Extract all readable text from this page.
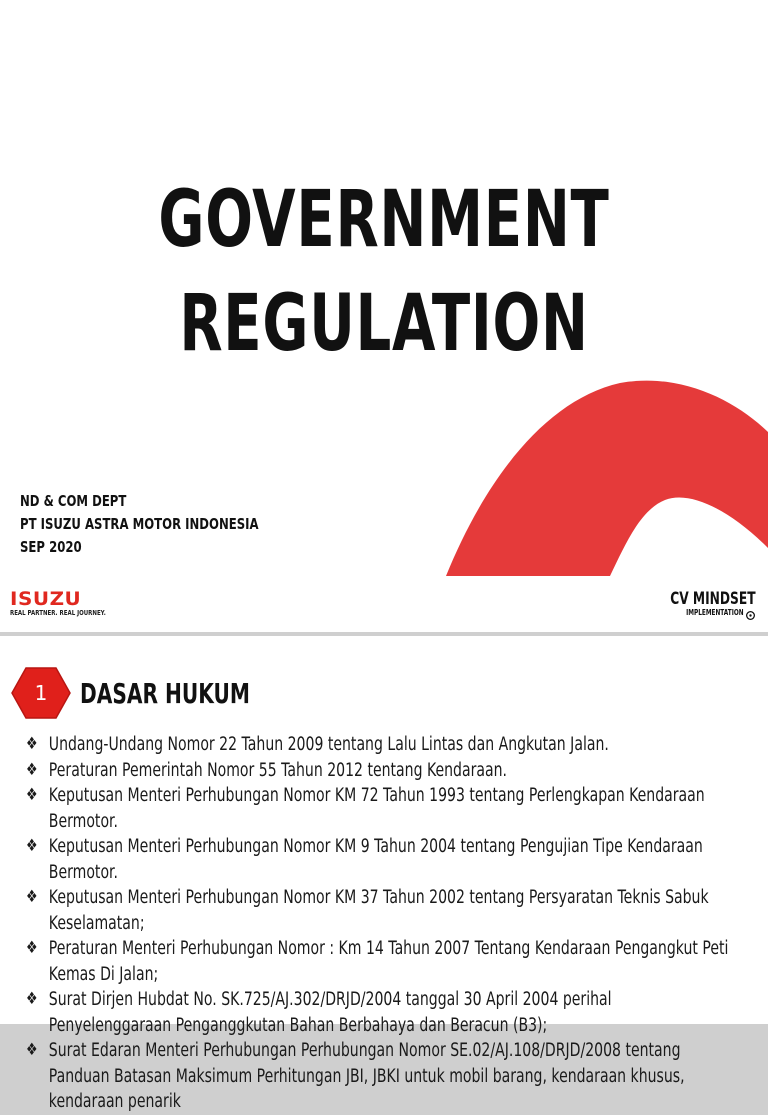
GOVERNMENT
REGULATION
ND & COM DEPT
PT ISUZU ASTRA MOTOR INDONESIA
SEP 2020
ISUZU
REAL PARTNER. REAL JOURNEY.
CV MINDSET
IMPLEMENTATION
1	DASAR HUKUM
❖ Undang-Undang Nomor 22 Tahun 2009 tentang Lalu Lintas dan Angkutan Jalan.
❖ Peraturan Pemerintah Nomor 55 Tahun 2012 tentang Kendaraan.
❖ Keputusan Menteri Perhubungan Nomor KM 72 Tahun 1993 tentang Perlengkapan Kendaraan Bermotor.
❖ Keputusan Menteri Perhubungan Nomor KM 9 Tahun 2004 tentang Pengujian Tipe Kendaraan Bermotor.
❖ Keputusan Menteri Perhubungan Nomor KM 37 Tahun 2002 tentang Persyaratan Teknis Sabuk Keselamatan;
❖ Peraturan Menteri Perhubungan Nomor : Km 14 Tahun 2007 Tentang Kendaraan Pengangkut Peti Kemas Di Jalan;
❖ Surat Dirjen Hubdat No. SK.725/AJ.302/DRJD/2004 tanggal 30 April 2004 perihal Penyelenggaraan Penganggkutan Bahan Berbahaya dan Beracun (B3);
❖ Surat Edaran Menteri Perhubungan Perhubungan Nomor SE.02/AJ.108/DRJD/2008 tentang Panduan Batasan Maksimum Perhitungan JBI, JBKI untuk mobil barang, kendaraan khusus, kendaraan penarik
